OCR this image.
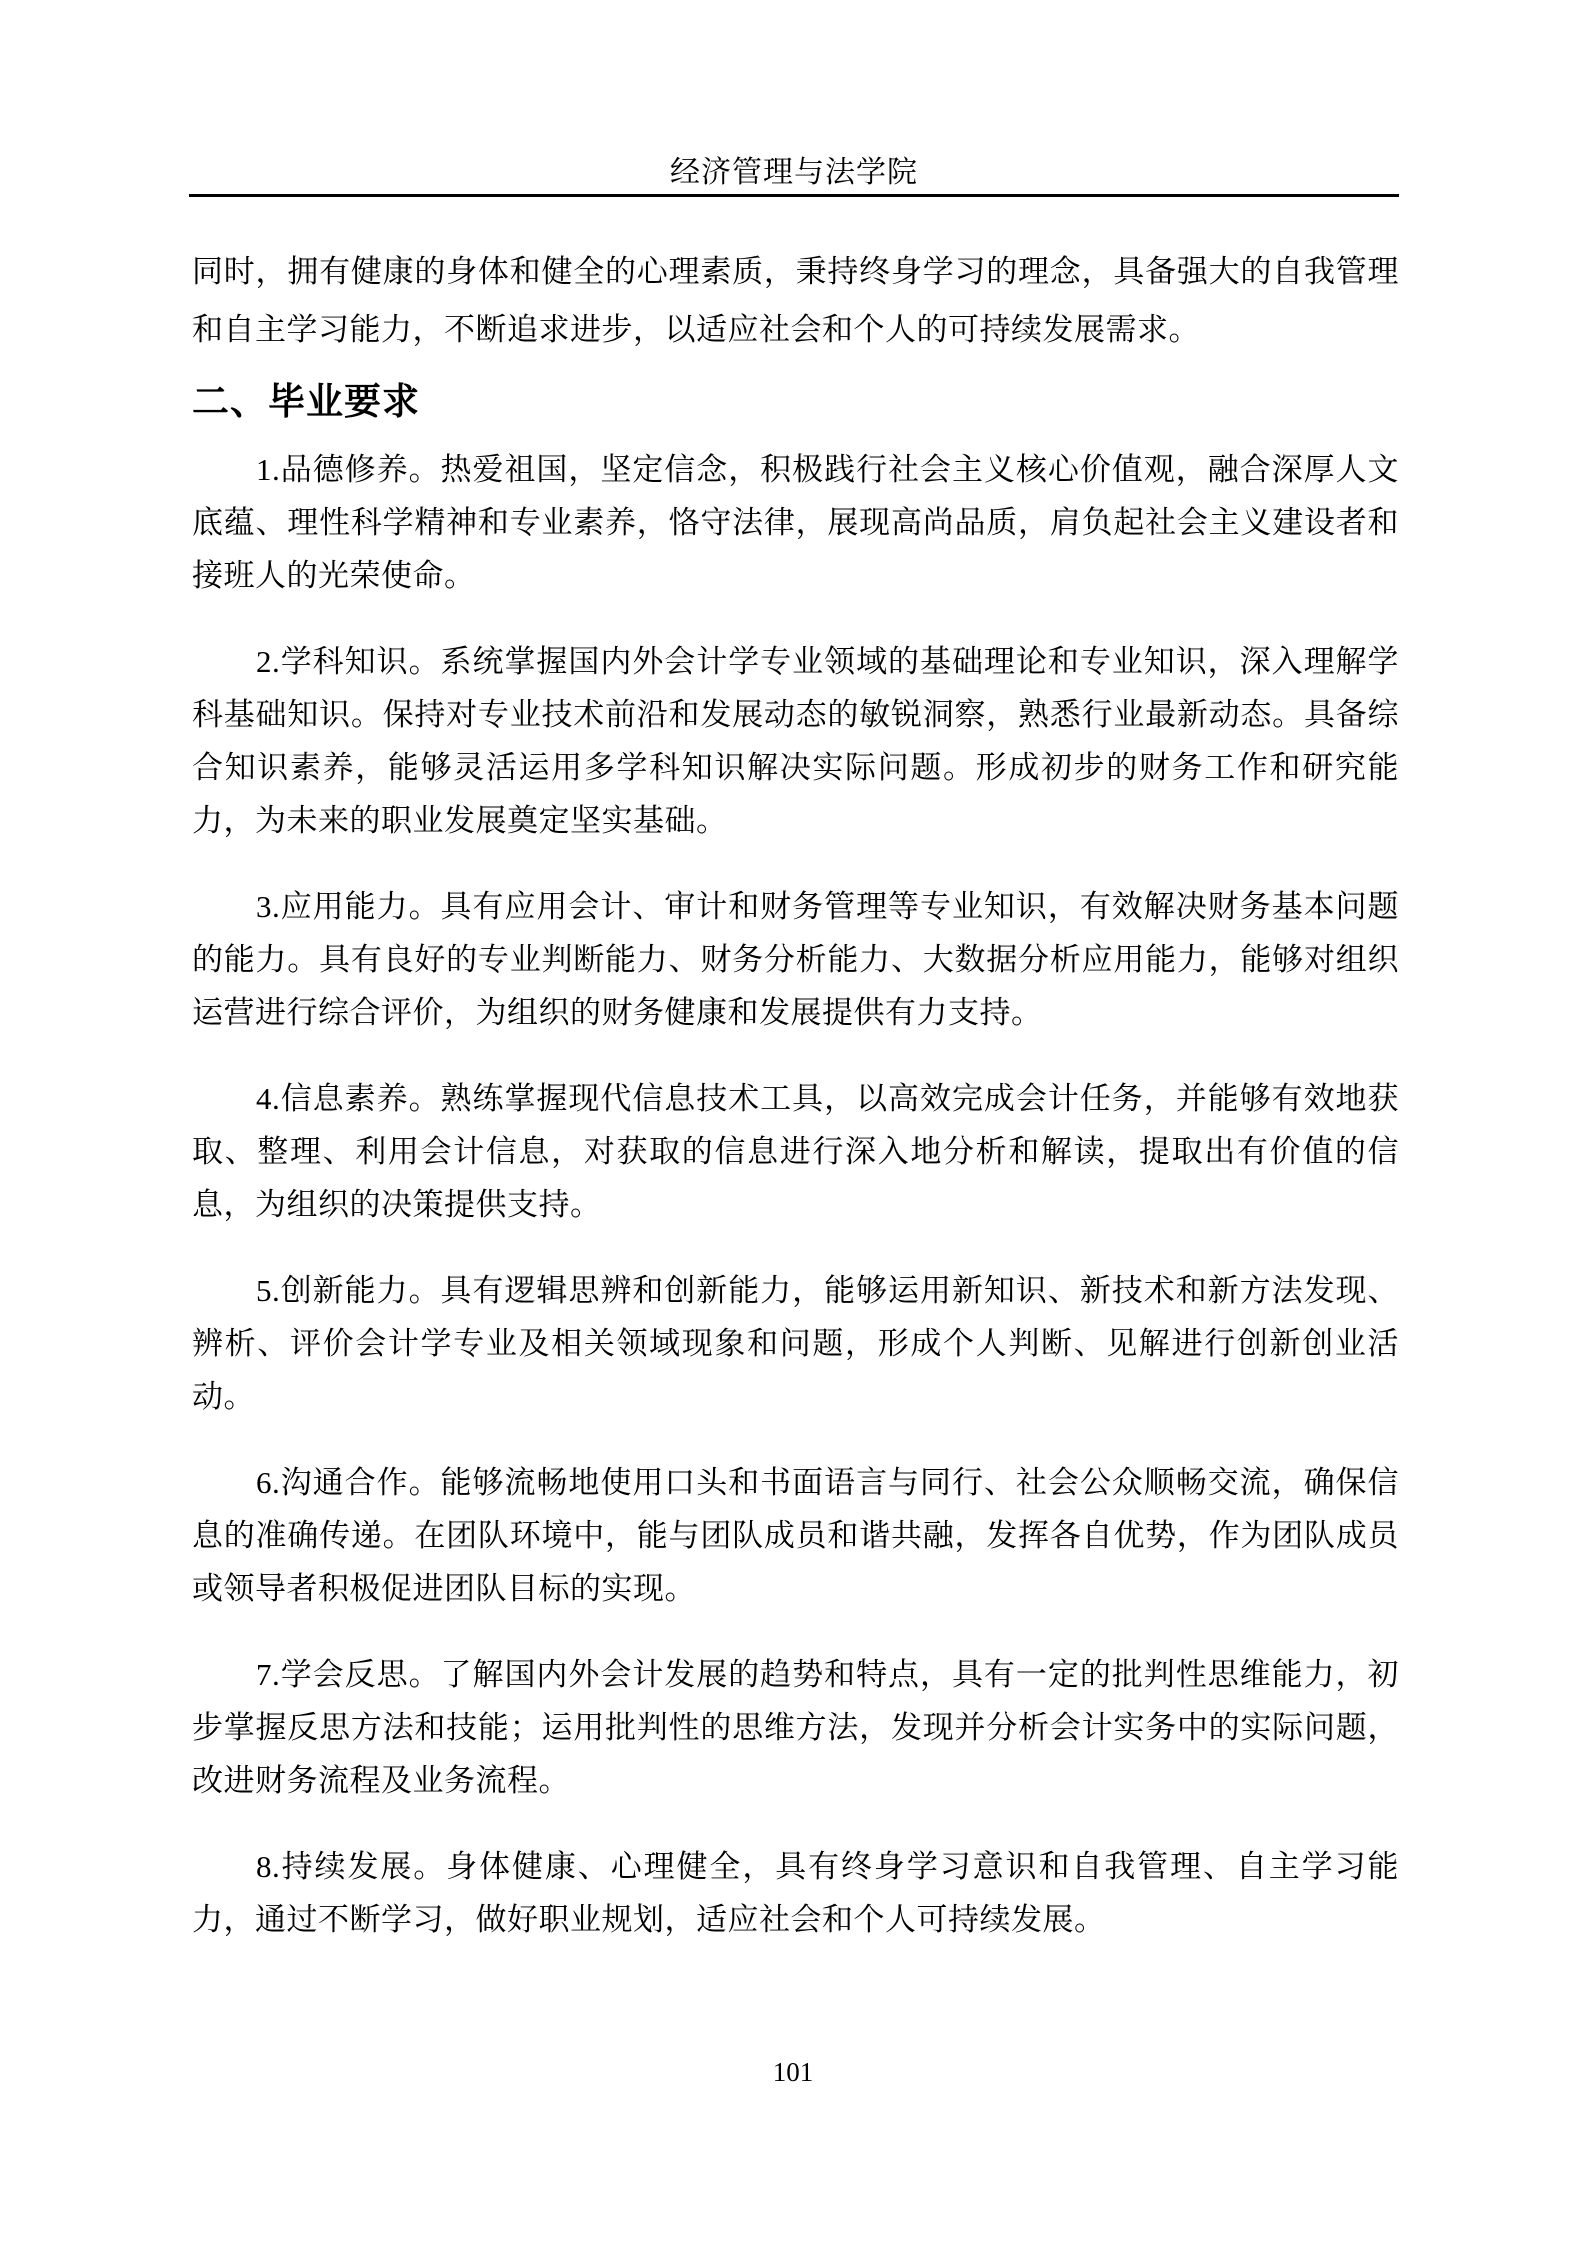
经济管理与法学院

同时，拥有健康的身体和健全的心理素质，秉持终身学习的理念，具备强大的自我管理和自主学习能力，不断追求进步，以适应社会和个人的可持续发展需求。

二、毕业要求

1.品德修养。热爱祖国，坚定信念，积极践行社会主义核心价值观，融合深厚人文底蕴、理性科学精神和专业素养，恪守法律，展现高尚品质，肩负起社会主义建设者和接班人的光荣使命。

2.学科知识。系统掌握国内外会计学专业领域的基础理论和专业知识，深入理解学科基础知识。保持对专业技术前沿和发展动态的敏锐洞察，熟悉行业最新动态。具备综合知识素养，能够灵活运用多学科知识解决实际问题。形成初步的财务工作和研究能力，为未来的职业发展奠定坚实基础。

3.应用能力。具有应用会计、审计和财务管理等专业知识，有效解决财务基本问题的能力。具有良好的专业判断能力、财务分析能力、大数据分析应用能力，能够对组织运营进行综合评价，为组织的财务健康和发展提供有力支持。

4.信息素养。熟练掌握现代信息技术工具，以高效完成会计任务，并能够有效地获取、整理、利用会计信息，对获取的信息进行深入地分析和解读，提取出有价值的信息，为组织的决策提供支持。

5.创新能力。具有逻辑思辨和创新能力，能够运用新知识、新技术和新方法发现、辨析、评价会计学专业及相关领域现象和问题，形成个人判断、见解进行创新创业活动。

6.沟通合作。能够流畅地使用口头和书面语言与同行、社会公众顺畅交流，确保信息的准确传递。在团队环境中，能与团队成员和谐共融，发挥各自优势，作为团队成员或领导者积极促进团队目标的实现。

7.学会反思。了解国内外会计发展的趋势和特点，具有一定的批判性思维能力，初步掌握反思方法和技能；运用批判性的思维方法，发现并分析会计实务中的实际问题，改进财务流程及业务流程。

8.持续发展。身体健康、心理健全，具有终身学习意识和自我管理、自主学习能力，通过不断学习，做好职业规划，适应社会和个人可持续发展。

101
